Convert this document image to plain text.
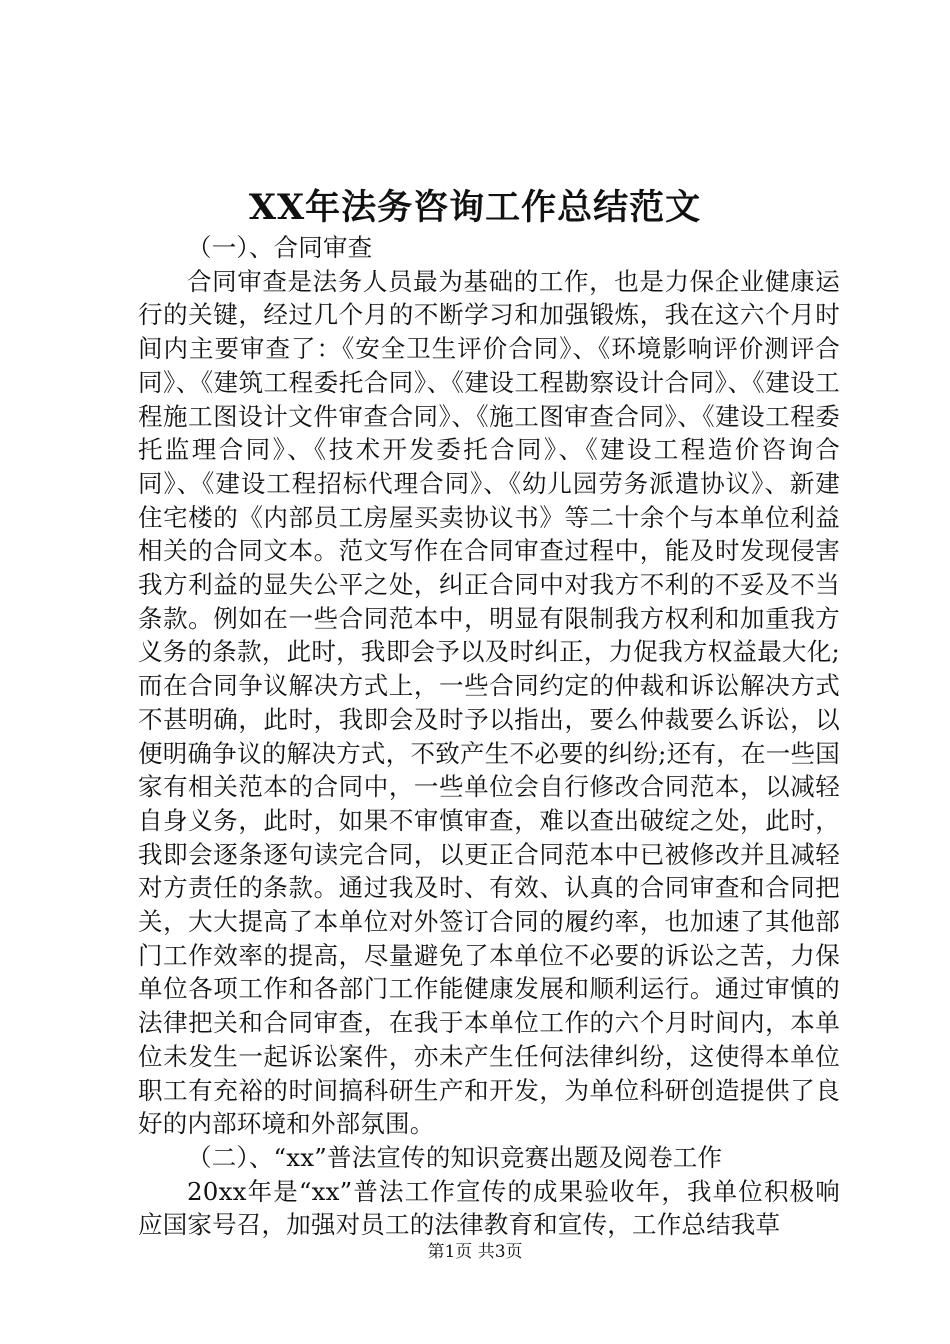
XX年法务咨询工作总结范文

（一）、合同审查

合同审查是法务人员最为基础的工作，也是力保企业健康运行的关键，经过几个月的不断学习和加强锻炼，我在这六个月时间内主要审查了：《安全卫生评价合同》、《环境影响评价测评合同》、《建筑工程委托合同》、《建设工程勘察设计合同》、《建设工程施工图设计文件审查合同》、《施工图审查合同》、《建设工程委托监理合同》、《技术开发委托合同》、《建设工程造价咨询合同》、《建设工程招标代理合同》、《幼儿园劳务派遣协议》、新建住宅楼的《内部员工房屋买卖协议书》等二十余个与本单位利益相关的合同文本。范文写作在合同审查过程中，能及时发现侵害我方利益的显失公平之处，纠正合同中对我方不利的不妥及不当条款。例如在一些合同范本中，明显有限制我方权利和加重我方义务的条款，此时，我即会予以及时纠正，力促我方权益最大化;而在合同争议解决方式上，一些合同约定的仲裁和诉讼解决方式不甚明确，此时，我即会及时予以指出，要么仲裁要么诉讼，以便明确争议的解决方式，不致产生不必要的纠纷;还有，在一些国家有相关范本的合同中，一些单位会自行修改合同范本，以减轻自身义务，此时，如果不审慎审查，难以查出破绽之处，此时，我即会逐条逐句读完合同，以更正合同范本中已被修改并且减轻对方责任的条款。通过我及时、有效、认真的合同审查和合同把关，大大提高了本单位对外签订合同的履约率，也加速了其他部门工作效率的提高，尽量避免了本单位不必要的诉讼之苦，力保单位各项工作和各部门工作能健康发展和顺利运行。通过审慎的法律把关和合同审查，在我于本单位工作的六个月时间内，本单位未发生一起诉讼案件，亦未产生任何法律纠纷，这使得本单位职工有充裕的时间搞科研生产和开发，为单位科研创造提供了良好的内部环境和外部氛围。

（二）、“xx”普法宣传的知识竞赛出题及阅卷工作

20xx年是“xx”普法工作宣传的成果验收年，我单位积极响应国家号召，加强对员工的法律教育和宣传，工作总结我草

第1页 共3页
